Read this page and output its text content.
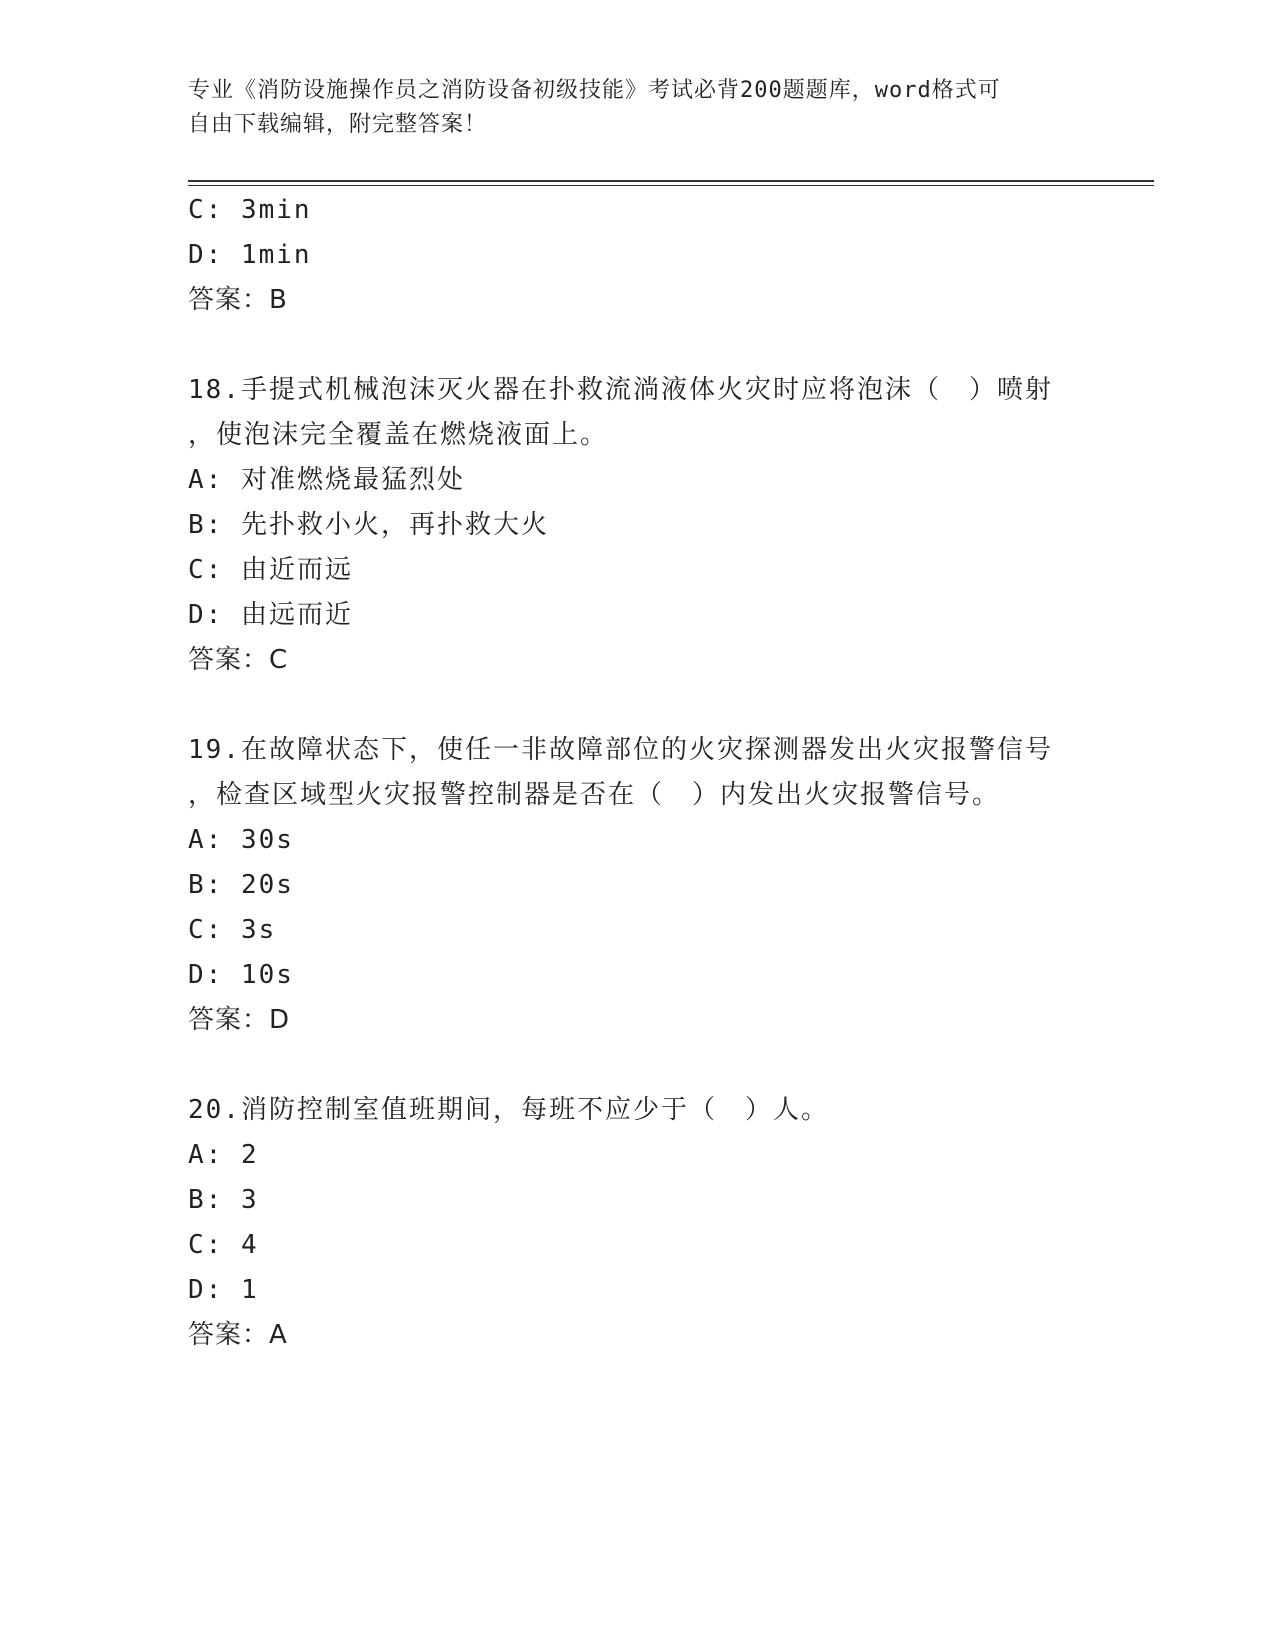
专业《消防设施操作员之消防设备初级技能》考试必背200题题库，word格式可
自由下载编辑，附完整答案！
C: 3min
D: 1min
答案：B
18.手提式机械泡沫灭火器在扑救流淌液体火灾时应将泡沫（　）喷射
，使泡沫完全覆盖在燃烧液面上。
A: 对准燃烧最猛烈处
B: 先扑救小火，再扑救大火
C: 由近而远
D: 由远而近
答案：C
19.在故障状态下，使任一非故障部位的火灾探测器发出火灾报警信号
，检查区域型火灾报警控制器是否在（　）内发出火灾报警信号。
A: 30s
B: 20s
C: 3s
D: 10s
答案：D
20.消防控制室值班期间，每班不应少于（　）人。
A: 2
B: 3
C: 4
D: 1
答案：A
